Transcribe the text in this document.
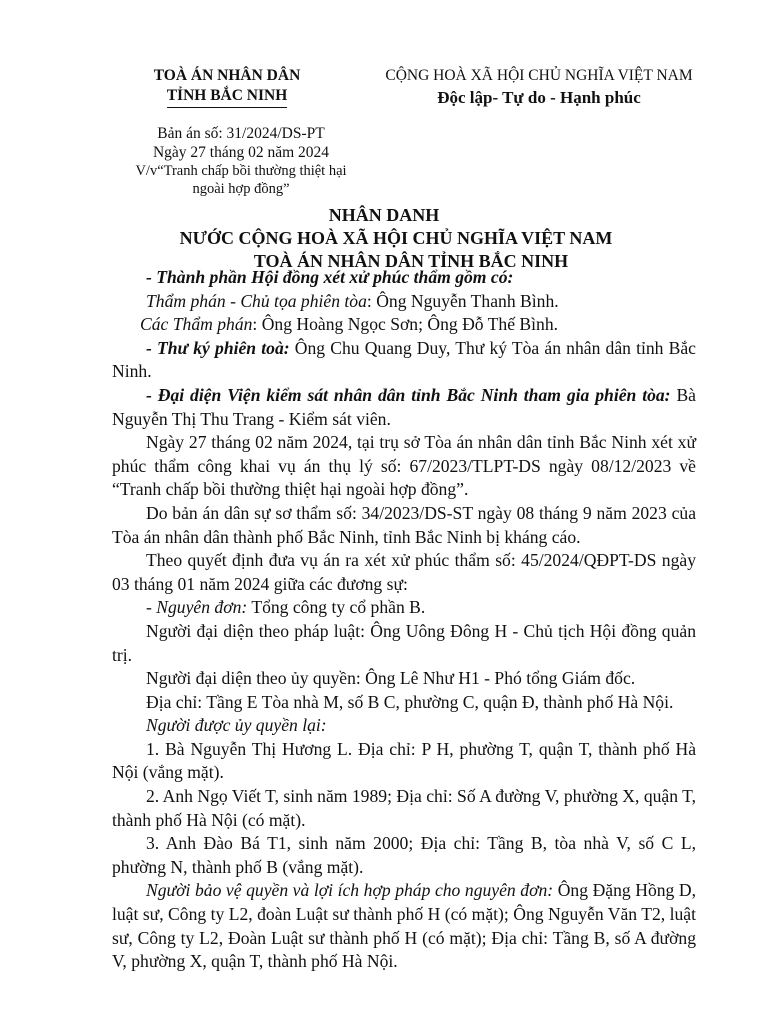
TOÀ ÁN NHÂN DÂN
TỈNH BẮC NINH
CỘNG HOÀ XÃ HỘI CHỦ NGHĨA VIỆT NAM
Độc lập- Tự do - Hạnh phúc
Bản án số: 31/2024/DS-PT
Ngày 27 tháng 02 năm 2024
V/v“Tranh chấp bồi thường thiệt hại
ngoài hợp đồng”
NHÂN DANH
NƯỚC CỘNG HOÀ XÃ HỘI CHỦ NGHĨA VIỆT NAM
TOÀ ÁN NHÂN DÂN TỈNH BẮC NINH

- Thành phần Hội đồng xét xử phúc thẩm gồm có:

Thẩm phán - Chủ tọa phiên tòa: Ông Nguyễn Thanh Bình.

Các Thẩm phán: Ông Hoàng Ngọc Sơn; Ông Đỗ Thế Bình.

- Thư ký phiên toà: Ông Chu Quang Duy, Thư ký Tòa án nhân dân tỉnh Bắc Ninh.

- Đại diện Viện kiểm sát nhân dân tỉnh Bắc Ninh tham gia phiên tòa: Bà Nguyễn Thị Thu Trang - Kiểm sát viên.

Ngày 27 tháng 02 năm 2024, tại trụ sở Tòa án nhân dân tỉnh Bắc Ninh xét xử phúc thẩm công khai vụ án thụ lý số: 67/2023/TLPT-DS ngày 08/12/2023 về “Tranh chấp bồi thường thiệt hại ngoài hợp đồng”.

Do bản án dân sự sơ thẩm số: 34/2023/DS-ST ngày 08 tháng 9 năm 2023 của Tòa án nhân dân thành phố Bắc Ninh, tỉnh Bắc Ninh bị kháng cáo.

Theo quyết định đưa vụ án ra xét xử phúc thẩm số: 45/2024/QĐPT-DS ngày 03 tháng 01 năm 2024 giữa các đương sự:

- Nguyên đơn: Tổng công ty cổ phần B.

Người đại diện theo pháp luật: Ông Uông Đông H - Chủ tịch Hội đồng quản trị.

Người đại diện theo ủy quyền: Ông Lê Như H1 - Phó tổng Giám đốc.

Địa chỉ: Tầng E Tòa nhà M, số B C, phường C, quận Đ, thành phố Hà Nội.

Người được ủy quyền lại:

1. Bà Nguyễn Thị Hương L. Địa chỉ: P H, phường T, quận T, thành phố Hà Nội (vắng mặt).

2. Anh Ngọ Viết T, sinh năm 1989; Địa chỉ: Số A đường V, phường X, quận T, thành phố Hà Nội (có mặt).

3. Anh Đào Bá T1, sinh năm 2000; Địa chỉ: Tầng B, tòa nhà V, số C L, phường N, thành phố B (vắng mặt).

Người bảo vệ quyền và lợi ích hợp pháp cho nguyên đơn: Ông Đặng Hồng D, luật sư, Công ty L2, đoàn Luật sư thành phố H (có mặt); Ông Nguyễn Văn T2, luật sư, Công ty L2, Đoàn Luật sư thành phố H (có mặt); Địa chỉ: Tầng B, số A đường V, phường X, quận T, thành phố Hà Nội.
